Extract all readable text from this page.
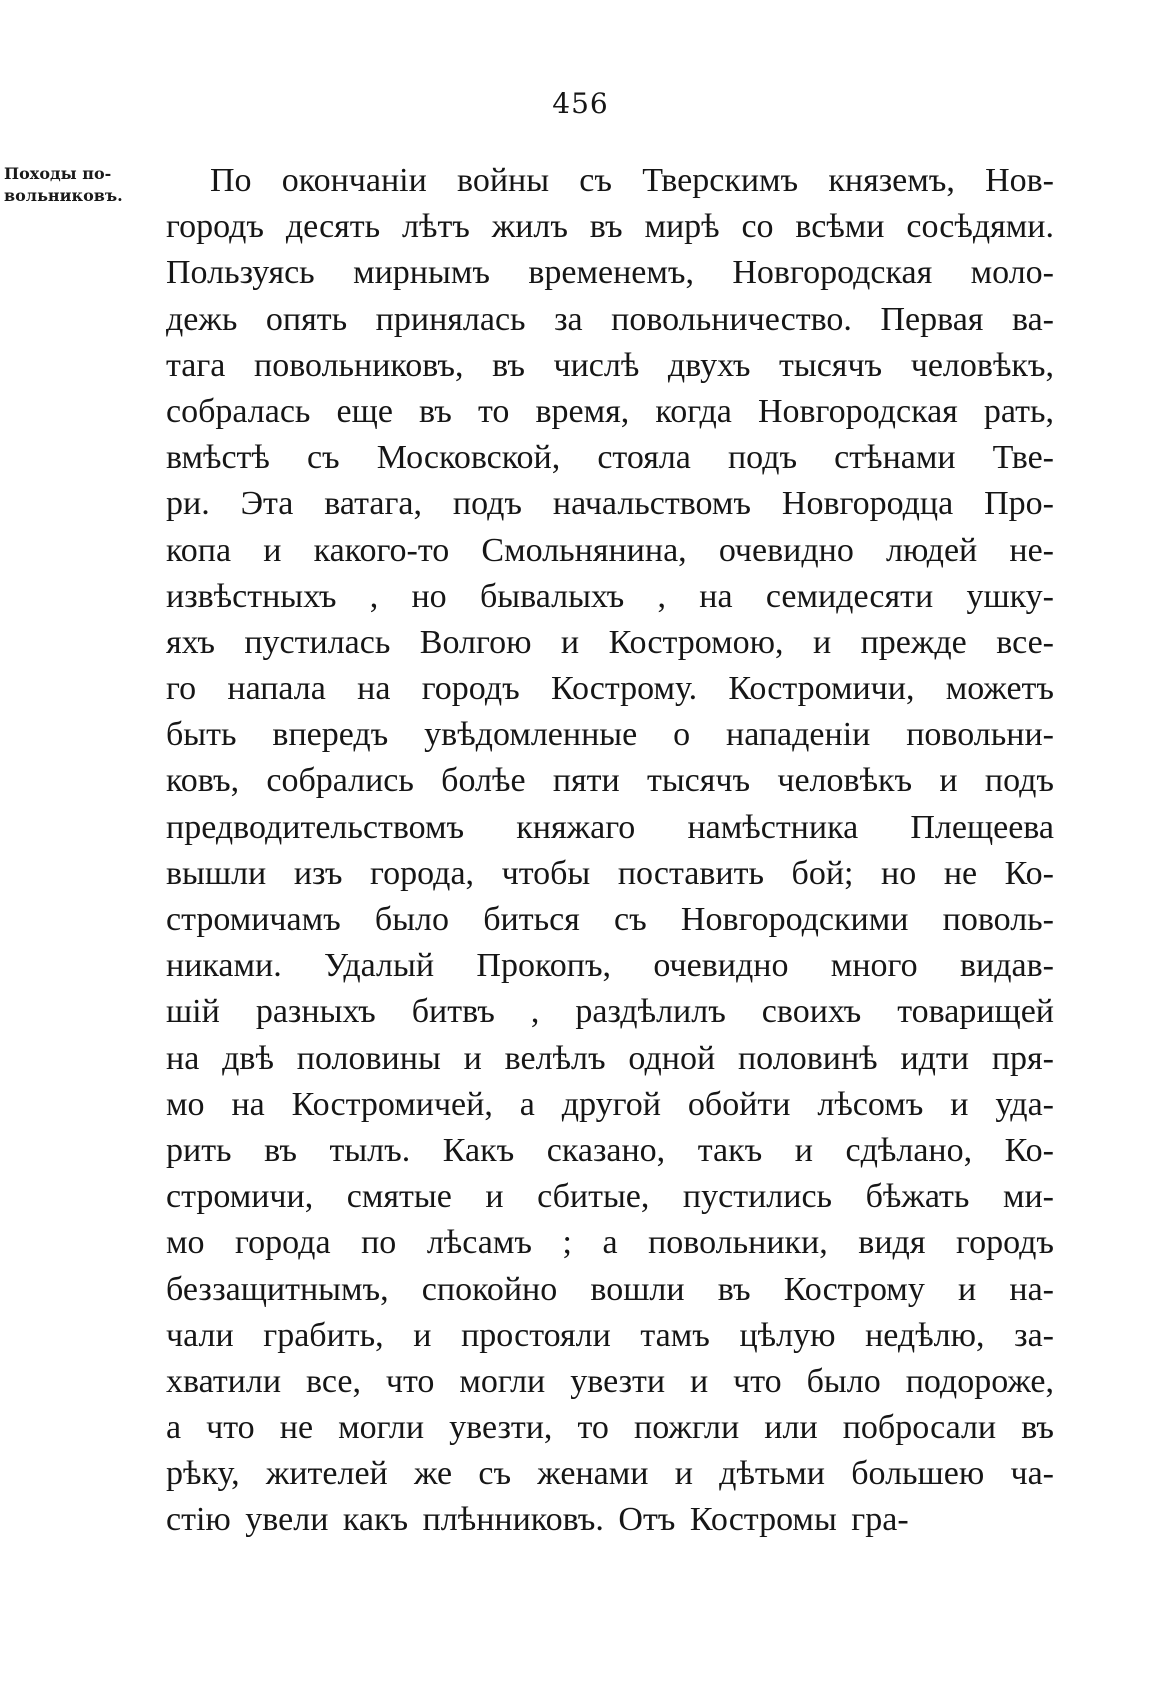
456
Походы по-
вольниковъ.	По окончанiи войны съ Тверскимъ княземъ, Нов-
городъ десять лѣтъ жилъ въ мирѣ со всѣми сосѣдями.
Пользуясь мирнымъ временемъ, Новгородская моло-
дежь опять принялась за повольничество. Первая ва-
тага повольниковъ, въ числѣ двухъ тысячъ человѣкъ,
собралась еще въ то время, когда Новгородская рать,
вмѣстѣ съ Московской, стояла подъ стѣнами Тве-
ри. Эта ватага, подъ начальствомъ Новгородца Про-
копа и какого-то Смольнянина, очевидно людей не-
извѣстныхъ , но бывалыхъ , на семидесяти ушку-
яхъ пустилась Волгою и Костромою, и прежде все-
го напала на городъ Кострому. Костромичи, можетъ
быть впередъ увѣдомленные о нападенiи повольни-
ковъ, собрались болѣе пяти тысячъ человѣкъ и подъ
предводительствомъ княжаго намѣстника Плещеева
вышли изъ города, чтобы поставить бой; но не Ко-
стромичамъ было биться съ Новгородскими поволь-
никами. Удалый Прокопъ, очевидно много видав-
шiй разныхъ битвъ , раздѣлилъ своихъ товарищей
на двѣ половины и велѣлъ одной половинѣ идти пря-
мо на Костромичей, а другой обойти лѣсомъ и уда-
рить въ тылъ. Какъ сказано, такъ и сдѣлано, Ко-
стромичи, смятые и сбитые, пустились бѣжать ми-
мо города по лѣсамъ ; а повольники, видя городъ
беззащитнымъ, спокойно вошли въ Кострому и на-
чали грабить, и простояли тамъ цѣлую недѣлю, за-
хватили все, что могли увезти и что было подороже,
а что не могли увезти, то пожгли или побросали въ
рѣку, жителей же съ женами и дѣтьми большею ча-
стiю увели какъ плѣнниковъ. Отъ Костромы гра-
